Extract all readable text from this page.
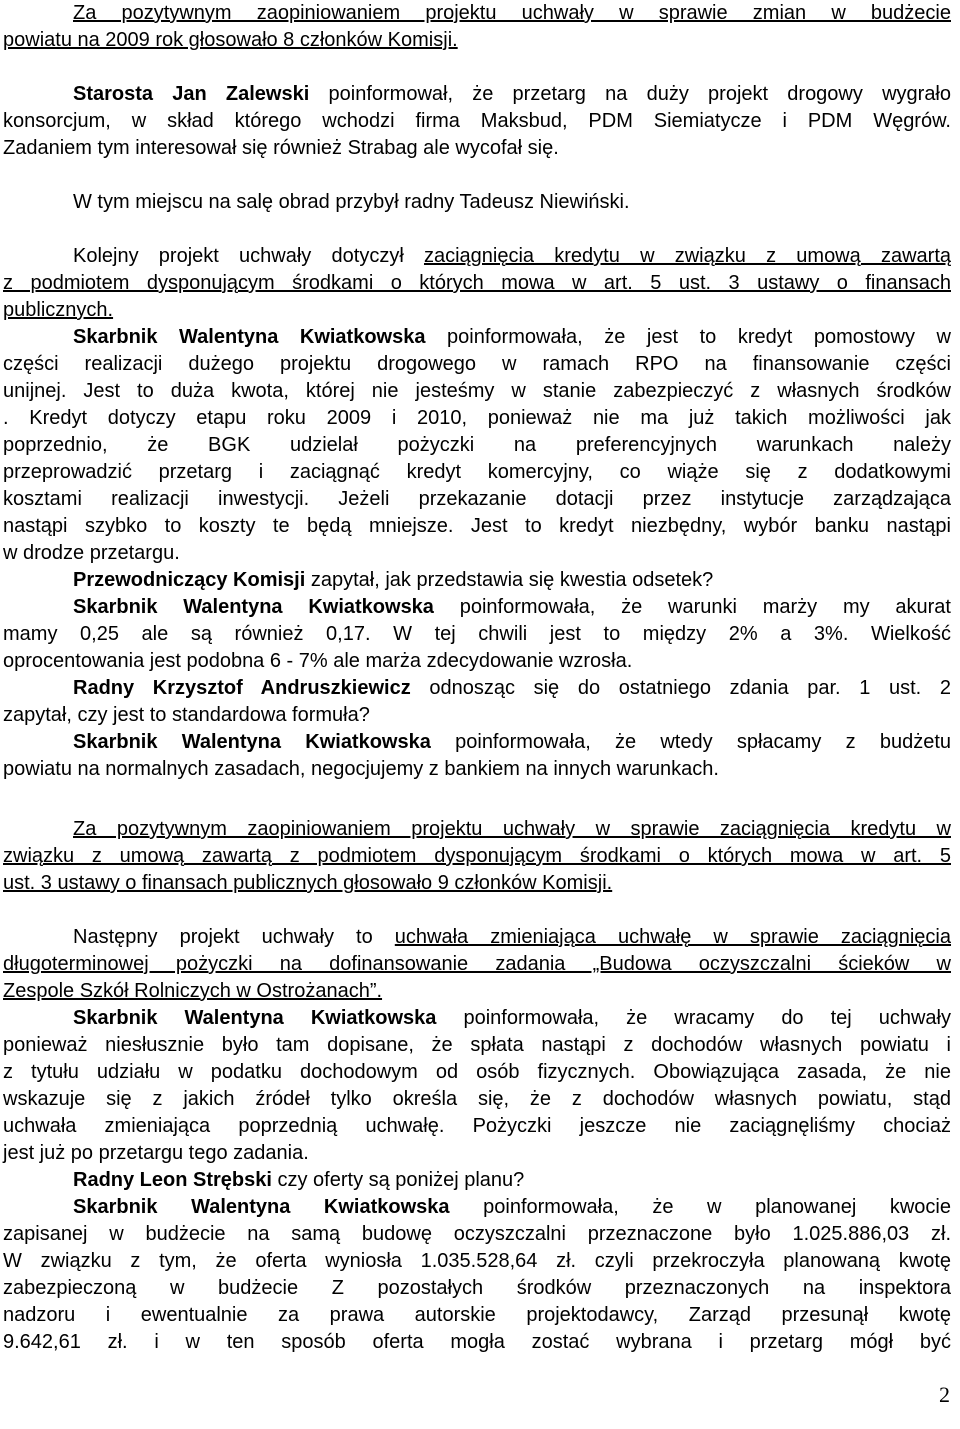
Za pozytywnym zaopiniowaniem projektu uchwały w sprawie zmian w budżecie
powiatu na 2009 rok głosowało 8 członków Komisji.
Starosta Jan Zalewski poinformował, że przetarg na duży projekt drogowy wygrało
konsorcjum, w skład którego wchodzi firma Maksbud, PDM Siemiatycze i PDM Węgrów.
Zadaniem tym interesował się również Strabag ale wycofał się.
W tym miejscu na salę obrad przybył radny Tadeusz Niewiński.
Kolejny projekt uchwały dotyczył zaciągnięcia kredytu w związku z umową zawartą
z podmiotem dysponującym środkami o których mowa w art. 5 ust. 3 ustawy o finansach
publicznych.
Skarbnik Walentyna Kwiatkowska poinformowała, że jest to kredyt pomostowy w
części realizacji dużego projektu drogowego w ramach RPO na finansowanie części
unijnej. Jest to duża kwota, której nie jesteśmy w stanie zabezpieczyć z własnych środków
. Kredyt dotyczy etapu roku 2009 i 2010, ponieważ nie ma już takich możliwości jak
poprzednio, że BGK udzielał pożyczki na preferencyjnych warunkach należy
przeprowadzić przetarg i zaciągnąć kredyt komercyjny, co wiąże się z dodatkowymi
kosztami realizacji inwestycji. Jeżeli przekazanie dotacji przez instytucje zarządzająca
nastąpi szybko to koszty te będą mniejsze. Jest to kredyt niezbędny, wybór banku nastąpi
w drodze przetargu.
Przewodniczący Komisji zapytał, jak przedstawia się kwestia odsetek?
Skarbnik Walentyna Kwiatkowska poinformowała, że warunki marży my akurat
mamy 0,25 ale są również 0,17. W tej chwili jest to między 2% a 3%. Wielkość
oprocentowania jest podobna 6 - 7% ale marża zdecydowanie wzrosła.
Radny Krzysztof Andruszkiewicz odnosząc się do ostatniego zdania par. 1 ust. 2
zapytał, czy jest to standardowa formuła?
Skarbnik Walentyna Kwiatkowska poinformowała, że wtedy spłacamy z budżetu
powiatu na normalnych zasadach, negocjujemy z bankiem na innych warunkach.
Za pozytywnym zaopiniowaniem projektu uchwały w sprawie zaciągnięcia kredytu w
związku z umową zawartą z podmiotem dysponującym środkami o których mowa w art. 5
ust. 3 ustawy o finansach publicznych głosowało 9 członków Komisji.
Następny projekt uchwały to uchwała zmieniająca uchwałę w sprawie zaciągnięcia
długoterminowej pożyczki na dofinansowanie zadania „Budowa oczyszczalni ścieków w
Zespole Szkół Rolniczych w Ostrożanach”.
Skarbnik Walentyna Kwiatkowska poinformowała, że wracamy do tej uchwały
ponieważ niesłusznie było tam dopisane, że spłata nastąpi z dochodów własnych powiatu i
z tytułu udziału w podatku dochodowym od osób fizycznych. Obowiązująca zasada, że nie
wskazuje się z jakich źródeł tylko określa się, że z dochodów własnych powiatu, stąd
uchwała zmieniająca poprzednią uchwałę. Pożyczki jeszcze nie zaciągnęliśmy chociaż
jest już po przetargu tego zadania.
Radny Leon Strębski czy oferty są poniżej planu?
Skarbnik Walentyna Kwiatkowska poinformowała, że w planowanej kwocie
zapisanej w budżecie na samą budowę oczyszczalni przeznaczone było 1.025.886,03 zł.
W związku z tym, że oferta wyniosła 1.035.528,64 zł. czyli przekroczyła planowaną kwotę
zabezpieczoną w budżecie Z pozostałych środków przeznaczonych na inspektora
nadzoru i ewentualnie za prawa autorskie projektodawcy, Zarząd przesunął kwotę
9.642,61 zł. i w ten sposób oferta mogła zostać wybrana i przetarg mógł być
2
